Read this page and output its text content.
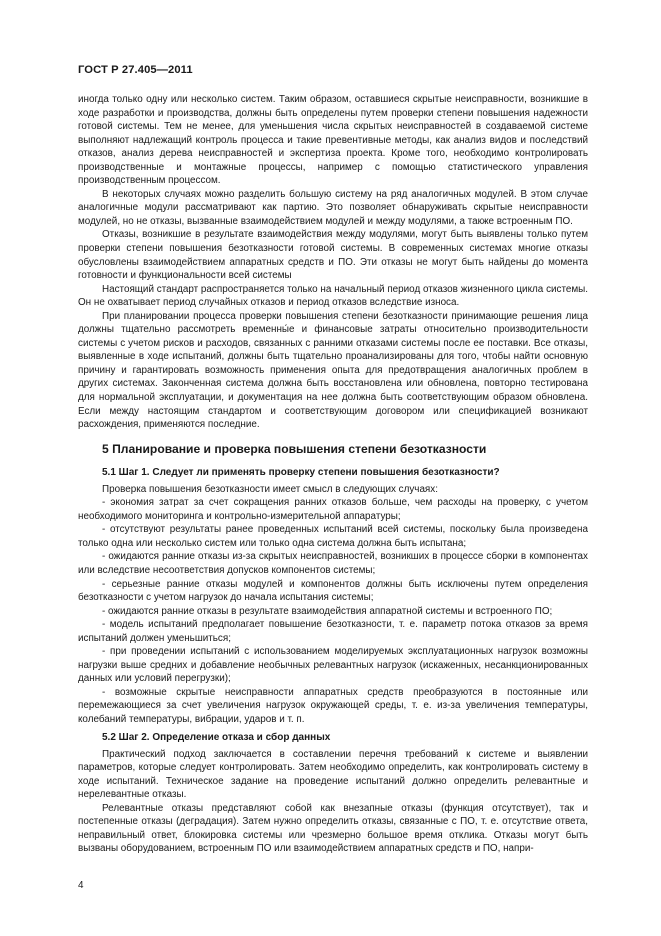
ГОСТ Р 27.405—2011

иногда только одну или несколько систем. Таким образом, оставшиеся скрытые неисправности, возникшие в ходе разработки и производства, должны быть определены путем проверки степени повышения надежности готовой системы. Тем не менее, для уменьшения числа скрытых неисправностей в создаваемой системе выполняют надлежащий контроль процесса и такие превентивные методы, как анализ видов и последствий отказов, анализ дерева неисправностей и экспертиза проекта. Кроме того, необходимо контролировать производственные и монтажные процессы, например с помощью статистического управления производственным процессом.

В некоторых случаях можно разделить большую систему на ряд аналогичных модулей. В этом случае аналогичные модули рассматривают как партию. Это позволяет обнаруживать скрытые неисправности модулей, но не отказы, вызванные взаимодействием модулей и между модулями, а также встроенным ПО.

Отказы, возникшие в результате взаимодействия между модулями, могут быть выявлены только путем проверки степени повышения безотказности готовой системы. В современных системах многие отказы обусловлены взаимодействием аппаратных средств и ПО. Эти отказы не могут быть найдены до момента готовности и функциональности всей системы

Настоящий стандарт распространяется только на начальный период отказов жизненного цикла системы. Он не охватывает период случайных отказов и период отказов вследствие износа.

При планировании процесса проверки повышения степени безотказности принимающие решения лица должны тщательно рассмотреть временны́е и финансовые затраты относительно производительности системы с учетом рисков и расходов, связанных с ранними отказами системы после ее поставки. Все отказы, выявленные в ходе испытаний, должны быть тщательно проанализированы для того, чтобы найти основную причину и гарантировать возможность применения опыта для предотвращения аналогичных проблем в других системах. Законченная система должна быть восстановлена или обновлена, повторно тестирована для нормальной эксплуатации, и документация на нее должна быть соответствующим образом обновлена. Если между настоящим стандартом и соответствующим договором или спецификацией возникают расхождения, применяются последние.

5 Планирование и проверка повышения степени безотказности
5.1 Шаг 1. Следует ли применять проверку степени повышения безотказности?

Проверка повышения безотказности имеет смысл в следующих случаях:

- экономия затрат за счет сокращения ранних отказов больше, чем расходы на проверку, с учетом необходимого мониторинга и контрольно-измерительной аппаратуры;

- отсутствуют результаты ранее проведенных испытаний всей системы, поскольку была произведена только одна или несколько систем или только одна система должна быть испытана;

- ожидаются ранние отказы из-за скрытых неисправностей, возникших в процессе сборки в компонентах или вследствие несоответствия допусков компонентов системы;

- серьезные ранние отказы модулей и компонентов должны быть исключены путем определения безотказности с учетом нагрузок до начала испытания системы;

- ожидаются ранние отказы в результате взаимодействия аппаратной системы и встроенного ПО;

- модель испытаний предполагает повышение безотказности, т. е. параметр потока отказов за время испытаний должен уменьшиться;

- при проведении испытаний с использованием моделируемых эксплуатационных нагрузок возможны нагрузки выше средних и добавление необычных релевантных нагрузок (искаженных, несанкционированных данных или условий перегрузки);

- возможные скрытые неисправности аппаратных средств преобразуются в постоянные или перемежающиеся за счет увеличения нагрузок окружающей среды, т. е. из-за увеличения температуры, колебаний температуры, вибрации, ударов и т. п.

5.2 Шаг 2. Определение отказа и сбор данных

Практический подход заключается в составлении перечня требований к системе и выявлении параметров, которые следует контролировать. Затем необходимо определить, как контролировать систему в ходе испытаний. Техническое задание на проведение испытаний должно определить релевантные и нерелевантные отказы.

Релевантные отказы представляют собой как внезапные отказы (функция отсутствует), так и постепенные отказы (деградация). Затем нужно определить отказы, связанные с ПО, т. е. отсутствие ответа, неправильный ответ, блокировка системы или чрезмерно большое время отклика. Отказы могут быть вызваны оборудованием, встроенным ПО или взаимодействием аппаратных средств и ПО, напри-

4
